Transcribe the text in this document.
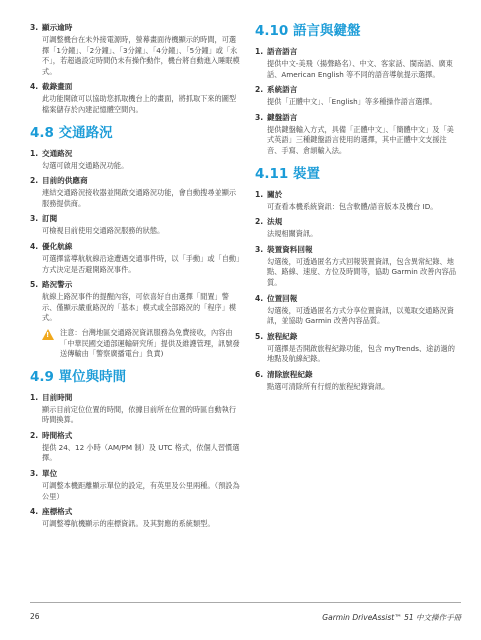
3. 顯示逾時
可調整機台在未外接電源時，螢幕畫面待機顯示的時間，可選擇「1分鐘」、「2分鐘」、「3分鐘」、「4分鐘」、「5分鐘」或「永不」，若超過設定時間仍未有操作動作，機台將自動進入睡眠模式。
4. 截錄畫面
此功能開啟可以協助您抓取機台上的畫面，將抓取下來的圖型檔案儲存於內建記憶體空間內。
4.8 交通路況
1. 交通路況
勾選可啟用交通路況功能。
2. 目前的供應商
連結交通路況接收器並開啟交通路況功能，會自動搜尋並顯示服務提供商。
3. 訂閱
可檢視目前使用交通路況服務的狀態。
4. 優化航線
可選擇當導航航線沿途遭遇交通事件時，以「手動」或「自動」方式決定是否避開路況事件。
5. 路況警示
航線上路況事件的提醒內容，可依喜好自由選擇「閒置」警示、僅顯示嚴重路況的「基本」模式或全部路況的「程序」模式。
! 注意：台灣地區交通路況資訊服務為免費接收，內容由「中華民國交通部運輸研究所」提供及維護管理，訊號發送傳輸由「警察廣播電台」負責)
4.9 單位與時間
1. 目前時間
顯示目前定位位置的時間，依據目前所在位置的時區自動執行時間換算。
2. 時間格式
提供 24、12 小時（AM/PM 制）及 UTC 格式，依個人習慣選擇。
3. 單位
可調整本機距離顯示單位的設定，有英里及公里兩種。（預設為公里）
4. 座標格式
可調整導航機顯示的座標資訊。及其對應的系統類型。
4.10 語言與鍵盤
1. 語音語言
提供中文-美飛（揚聲路名）、中文、客家話、閩南語、廣東話、American English 等不同的語音導航提示選擇。
2. 系統語言
提供「正體中文」、「English」等多種操作語言選擇。
3. 鍵盤語言
提供鍵盤輸入方式，具備「正體中文」、「簡體中文」及「美式英語」三種鍵盤語言使用的選擇，其中正體中文支援注音、手寫、倉頡輸入法。
4.11 裝置
1. 關於
可查看本機系統資訊：包含軟體/語音版本及機台 ID。
2. 法規
法規相關資訊。
3. 裝置資料回報
勾選後，可透過匿名方式回報裝置資訊，包含異常紀錄、地點、路線、速度、方位及時間等，協助 Garmin 改善內容品質。
4. 位置回報
勾選後，可透過匿名方式分享位置資訊，以蒐取交通路況資訊，並協助 Garmin 改善內容品質。
5. 旅程紀錄
可選擇是否開啟旅程紀錄功能，包含 myTrends、途訪過的地點及航線紀錄。
6. 清除旅程紀錄
點選可清除所有行經的旅程紀錄資訊。
26	Garmin DriveAssist™ 51 中文操作手冊
